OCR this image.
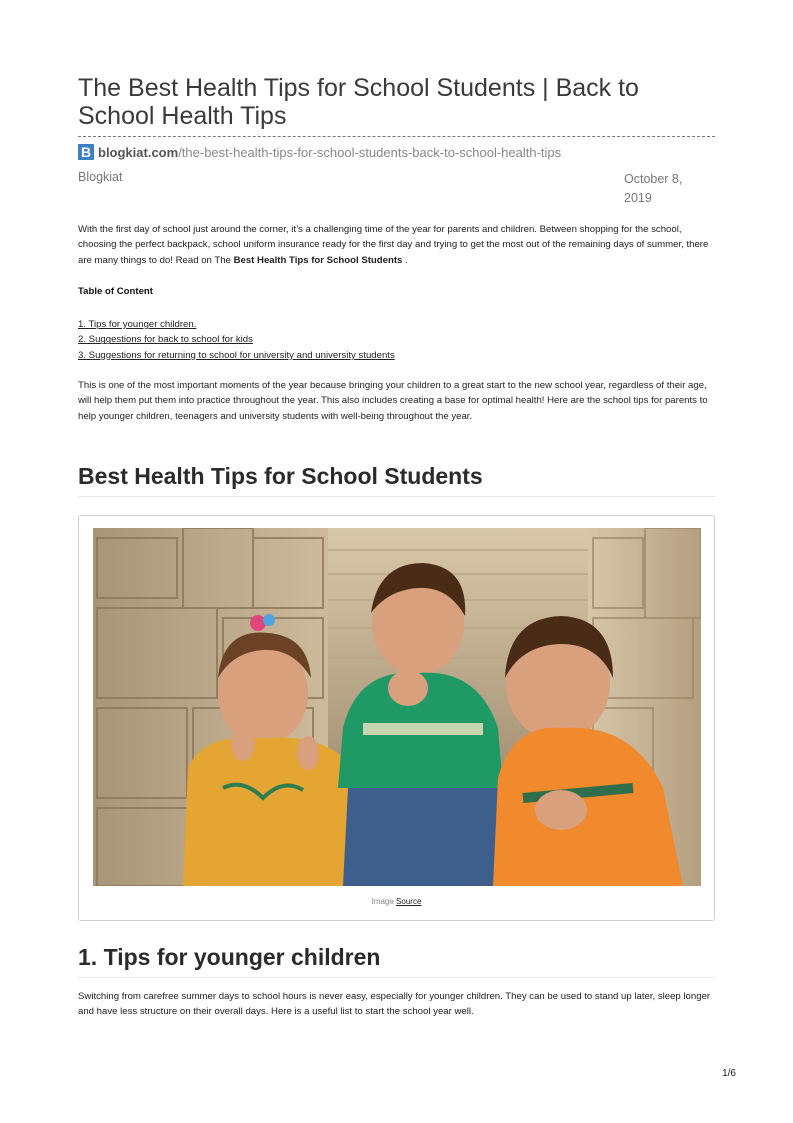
The Best Health Tips for School Students | Back to School Health Tips
B blogkiat.com /the-best-health-tips-for-school-students-back-to-school-health-tips
Blogkiat	October 8, 2019

With the first day of school just around the corner, it’s a challenging time of the year for parents and children. Between shopping for the school, choosing the perfect backpack, school uniform insurance ready for the first day and trying to get the most out of the remaining days of summer, there are many things to do! Read on The Best Health Tips for School Students .

Table of Content
1. Tips for younger children.
2. Suggestions for back to school for kids
3. Suggestions for returning to school for university and university students

This is one of the most important moments of the year because bringing your children to a great start to the new school year, regardless of their age, will help them put them into practice throughout the year. This also includes creating a base for optimal health! Here are the school tips for parents to help younger children, teenagers and university students with well-being throughout the year.

Best Health Tips for School Students
Image Source
1. Tips for younger children

Switching from carefree summer days to school hours is never easy, especially for younger children. They can be used to stand up later, sleep longer and have less structure on their overall days. Here is a useful list to start the school year well.

1/6
